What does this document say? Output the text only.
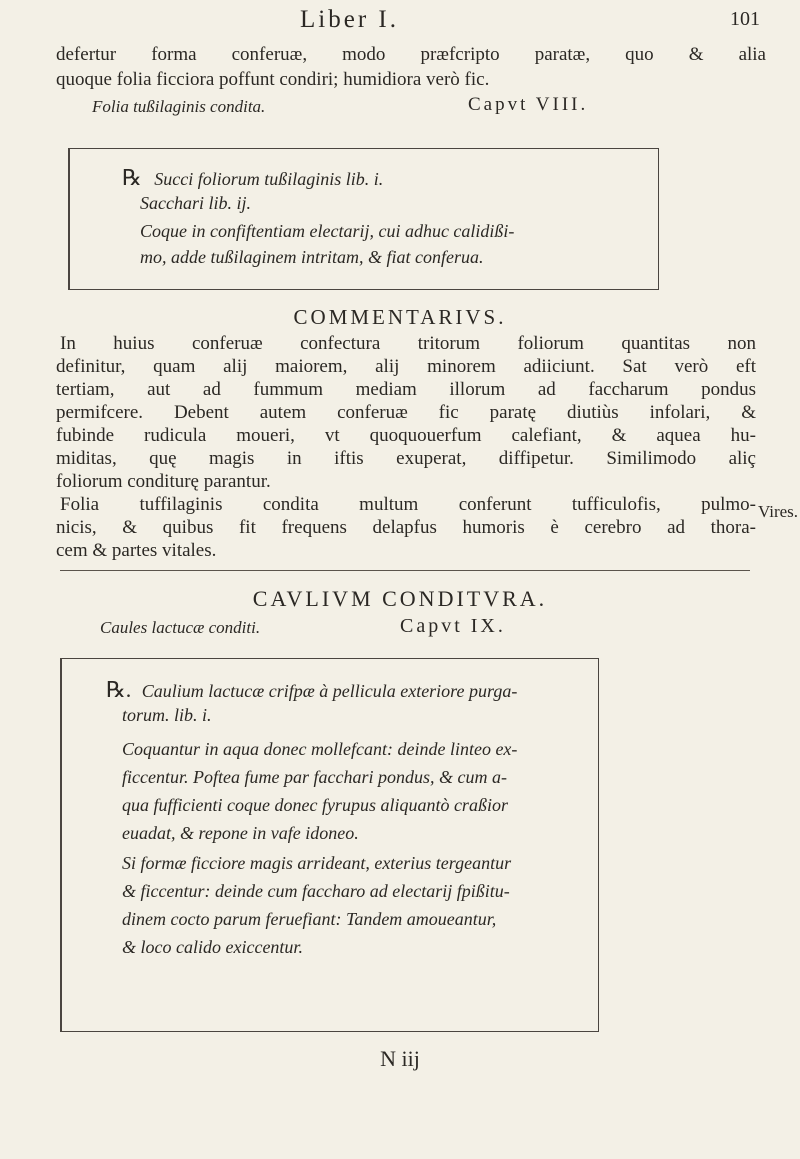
Liber I.	101
defertur forma conferuæ, modo præfcripto paratæ, quo & alia
quoque folia ficciora poffunt condiri; humidiora verò fic.
Folia tußilaginis condita.	Capvt VIII.
℞ Succi foliorum tußilaginis lib. i.
Sacchari lib. ij.
Coque in confiftentiam electarij, cui adhuc calidißi-
mo, adde tußilaginem intritam, & fiat conferua.
COMMENTARIVS.
In huius conferuæ confectura tritorum foliorum quantitas non
definitur, quam alij maiorem, alij minorem adiiciunt. Sat verò eft
tertiam, aut ad fummum mediam illorum ad faccharum pondus
permifcere. Debent autem conferuæ fic paratę diutiùs infolari, &
fubinde rudicula moueri, vt quoquouerfum calefiant, & aquea hu-
miditas, quę magis in iftis exuperat, diffipetur. Similimodo aliç
foliorum conditurę parantur.
Folia tuffilaginis condita multum conferunt tufficulofis, pulmo-
nicis, & quibus fit frequens delapfus humoris è cerebro ad thora-
cem & partes vitales.
Vires.
CAVLIVM CONDITVRA.
Caules lactucæ conditi.	Capvt IX.
℞. Caulium lactucæ crifpæ à pellicula exteriore purga-
torum. lib. i.
Coquantur in aqua donec mollefcant: deinde linteo ex-
ficcentur. Poftea fume par facchari pondus, & cum a-
qua fufficienti coque donec fyrupus aliquantò craßior
euadat, & repone in vafe idoneo.
Si formæ ficciore magis arrideant, exterius tergeantur
& ficcentur: deinde cum faccharo ad electarij fpißitu-
dinem cocto parum feruefiant: Tandem amoueantur,
& loco calido exiccentur.
N iij
